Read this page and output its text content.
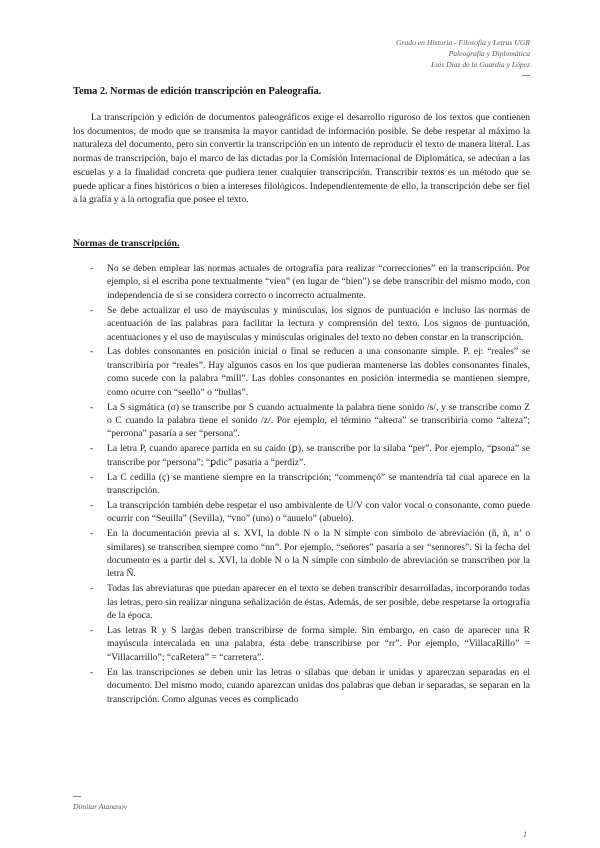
Grado en Historia - Filosofía y Letras UGR
Paleografía y Diplomática
Luis Díaz de la Guardia y López
Tema 2. Normas de edición transcripción en Paleografía.

La transcripción y edición de documentos paleográficos exige el desarrollo riguroso de los textos que contienen los documentos, de modo que se transmita la mayor cantidad de información posible. Se debe respetar al máximo la naturaleza del documento, pero sin convertir la transcripción en un intento de reproducir el texto de manera literal. Las normas de transcripción, bajo el marco de las dictadas por la Comisión Internacional de Diplomática, se adecúan a las escuelas y a la finalidad concreta que pudiera tener cualquier transcripción. Transcribir textos es un método que se puede aplicar a fines históricos o bien a intereses filológicos. Independientemente de ello, la transcripción debe ser fiel a la grafía y a la ortografía que posee el texto.

Normas de transcripción.
- No se deben emplear las normas actuales de ortografía para realizar “correcciones” en la transcripción. Por ejemplo, si el escriba pone textualmente “vien” (en lugar de “bien”) se debe transcribir del mismo modo, con independencia de si se considera correcto o incorrecto actualmente.
- Se debe actualizar el uso de mayúsculas y minúsculas, los signos de puntuación e incluso las normas de acentuación de las palabras para facilitar la lectura y comprensión del texto. Los signos de puntuación, acentuaciones y el uso de mayúsculas y minúsculas originales del texto no deben constar en la transcripción.
- Las dobles consonantes en posición inicial o final se reducen a una consonante simple. P. ej: “reales” se transcribiría por “reales”. Hay algunos casos en los que pudieran mantenerse las dobles consonantes finales, como sucede con la palabra “mill”. Las dobles consonantes en posición intermedia se mantienen siempre, como ocurre con “seello” o “bullas”.
- La S sigmática (σ) se transcribe por S cuando actualmente la palabra tiene sonido /s/, y se transcribe como Z o C cuando la palabra tiene el sonido /z/. Por ejemplo, el término “alteσa” se transcribiría como “alteza”; “perσona” pasaría a ser “persona”.
- La letra P, cuando aparece partida en su caído (ꝑ), se transcribe por la sílaba “per”. Por ejemplo, “ꝑsona” se transcribe por “persona”; “ꝑdic” pasaría a “perdiz”.
- La C cedilla (ç) se mantiene siempre en la transcripción; “commençó” se mantendría tal cual aparece en la transcripción.
- La transcripción también debe respetar el uso ambivalente de U/V con valor vocal o consonante, como puede ocurrir con “Seuilla” (Sevilla), “vno” (uno) o “auuelo” (abuelo).
- En la documentación previa al s. XVI, la doble N o la N simple con símbolo de abreviación (ñ, ñ, n’ o similares) se transcriben siempre como “nn”. Por ejemplo, “señores” pasaría a ser “sennores”. Si la fecha del documento es a partir del s. XVI, la doble N o la N simple con símbolo de abreviación se transcriben por la letra Ñ.
- Todas las abreviaturas que puedan aparecer en el texto se deben transcribir desarrolladas, incorporando todas las letras, pero sin realizar ninguna señalización de éstas. Además, de ser posible, debe respetarse la ortografía de la época.
- Las letras R y S largas deben transcribirse de forma simple. Sin embargo, en caso de aparecer una R mayúscula intercalada en una palabra, ésta debe transcribirse por “rr”. Por ejemplo, “VillacaRillo” = “Villacarrillo”; “caRetera” = “carretera”.
- En las transcripciones se deben unir las letras o sílabas que deban ir unidas y apareczan separadas en el documento. Del mismo modo, cuando aparezcan unidas dos palabras que deban ir separadas, se separan en la transcripción. Como algunas veces es complicado
Dimitar Atanasov
1
